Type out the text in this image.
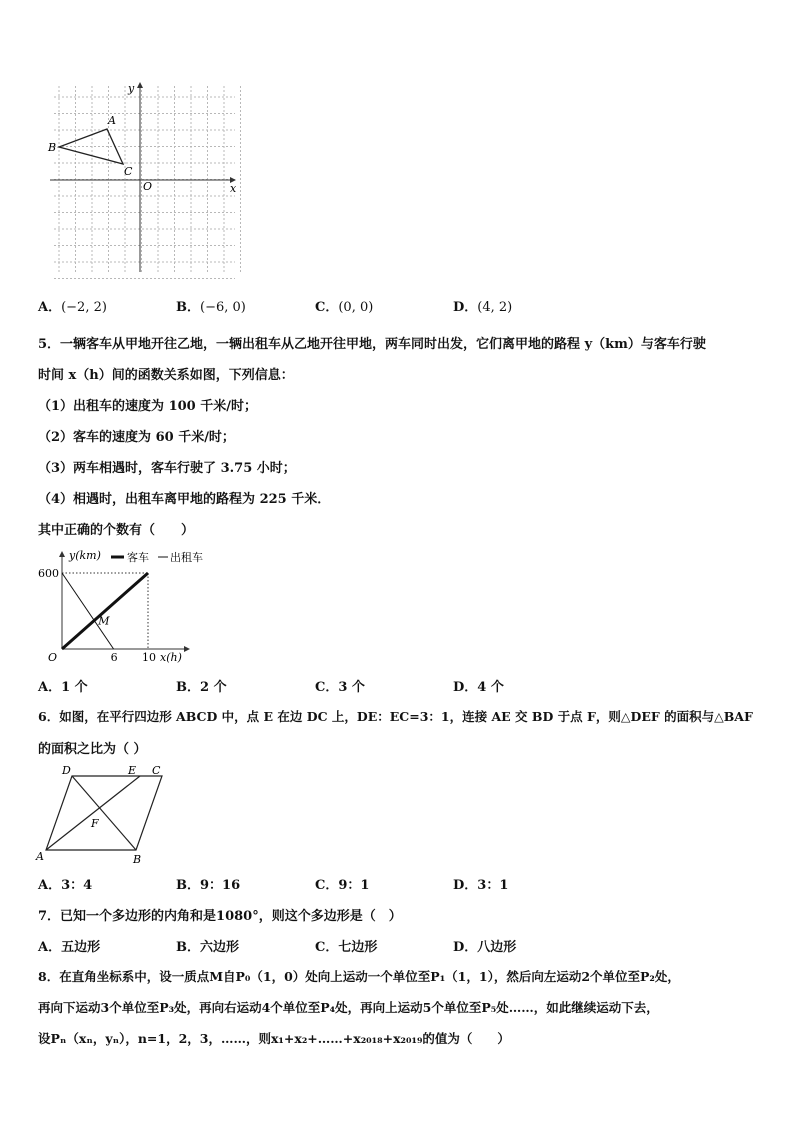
A
B
C
O	x
y
A．(−2, 2)	B．(−6, 0)	C．(0, 0)	D．(4, 2)
5．一辆客车从甲地开往乙地，一辆出租车从乙地开往甲地，两车同时出发，它们离甲地的路程 y（km）与客车行驶
时间 x（h）间的函数关系如图，下列信息：
（1）出租车的速度为 100 千米/时；
（2）客车的速度为 60 千米/时；
（3）两车相遇时，客车行驶了 3.75 小时；
（4）相遇时，出租车离甲地的路程为 225 千米．
其中正确的个数有（　　）
6 10
600
M
y(km)
O	x(h)
客车 出租车
A．1 个	B．2 个	C．3 个	D．4 个
6．如图，在平行四边形 ABCD 中，点 E 在边 DC 上，DE：EC=3：1，连接 AE 交 BD 于点 F，则△DEF 的面积与△BAF
的面积之比为（ ）
D	E C
F
A	B
A．3：4	B．9：16	C．9：1	D．3：1
7．已知一个多边形的内角和是1080°，则这个多边形是（　）
A．五边形	B．六边形	C．七边形	D．八边形
8．在直角坐标系中，设一质点M自P₀（1，0）处向上运动一个单位至P₁（1，1），然后向左运动2个单位至P₂处，
再向下运动3个单位至P₃处，再向右运动4个单位至P₄处，再向上运动5个单位至P₅处……，如此继续运动下去，
设Pₙ（xₙ，yₙ），n=1，2，3，……，则x₁+x₂+……+x₂₀₁₈+x₂₀₁₉的值为（　　）
